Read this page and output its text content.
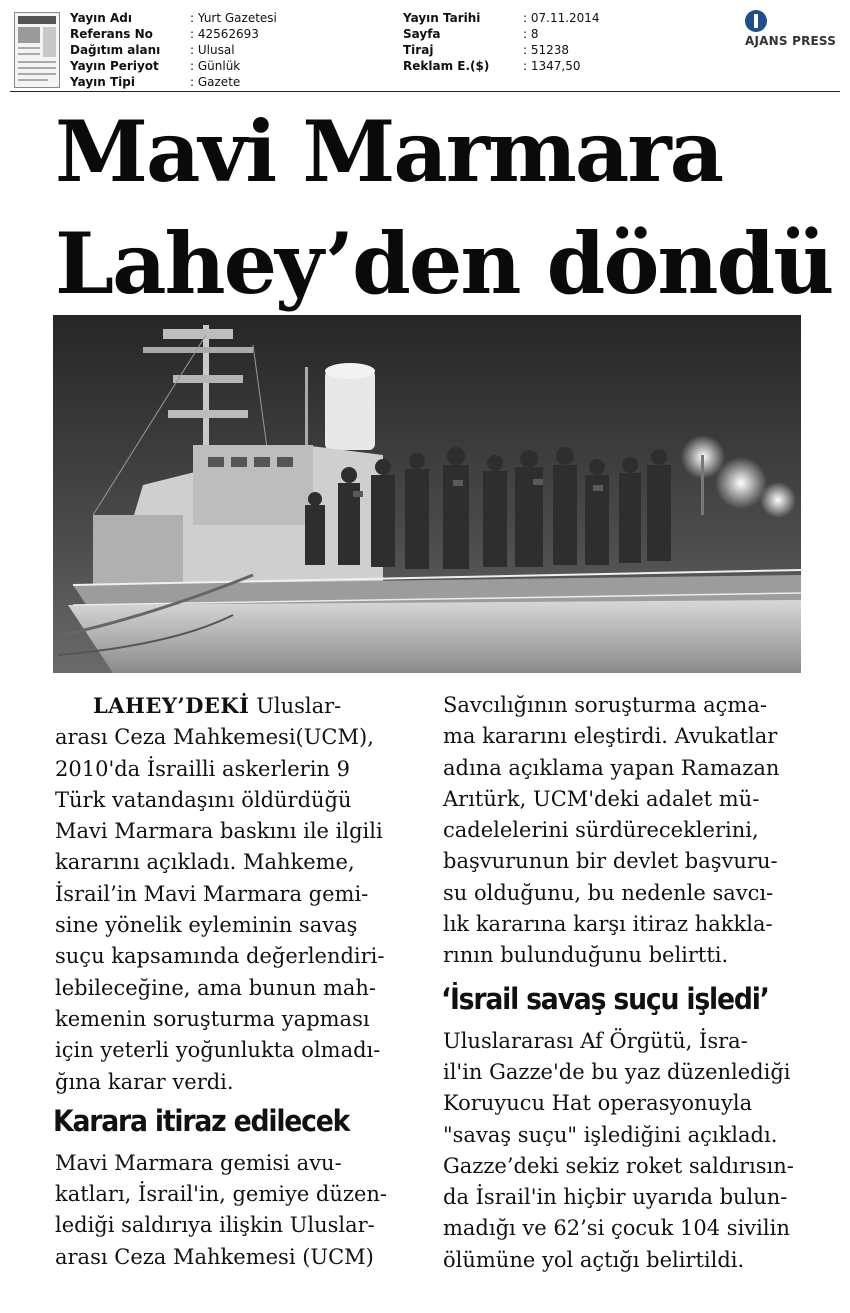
Yayın Adı	: Yurt Gazetesi
Referans No	: 42562693
Dağıtım alanı	: Ulusal
Yayın Periyot	: Günlük
Yayın Tipi	: Gazete
Yayın Tarihi	: 07.11.2014
Sayfa	: 8
Tiraj	: 51238
Reklam E.($)	: 1347,50
AJANS PRESS
Mavi Marmara
Lahey’den döndü

LAHEY’DEKİ Uluslar-
arası Ceza Mahkemesi(UCM),
2010'da İsrailli askerlerin 9
Türk vatandaşını öldürdüğü
Mavi Marmara baskını ile ilgili
kararını açıkladı. Mahkeme,
İsrail’in Mavi Marmara gemi-
sine yönelik eyleminin savaş
suçu kapsamında değerlendiri-
lebileceğine, ama bunun mah-
kemenin soruşturma yapması
için yeterli yoğunlukta olmadı-
ğına karar verdi.

Karara itiraz edilecek

Mavi Marmara gemisi avu-
katları, İsrail'in, gemiye düzen-
lediği saldırıya ilişkin Uluslar-
arası Ceza Mahkemesi (UCM)

Savcılığının soruşturma açma-
ma kararını eleştirdi. Avukatlar
adına açıklama yapan Ramazan
Arıtürk, UCM'deki adalet mü-
cadelelerini sürdüreceklerini,
başvurunun bir devlet başvuru-
su olduğunu, bu nedenle savcı-
lık kararına karşı itiraz hakkla-
rının bulunduğunu belirtti.

‘İsrail savaş suçu işledi’

Uluslararası Af Örgütü, İsra-
il'in Gazze'de bu yaz düzenlediği
Koruyucu Hat operasyonuyla
"savaş suçu" işlediğini açıkladı.
Gazze’deki sekiz roket saldırısın-
da İsrail'in hiçbir uyarıda bulun-
madığı ve 62’si çocuk 104 sivilin
ölümüne yol açtığı belirtildi.
